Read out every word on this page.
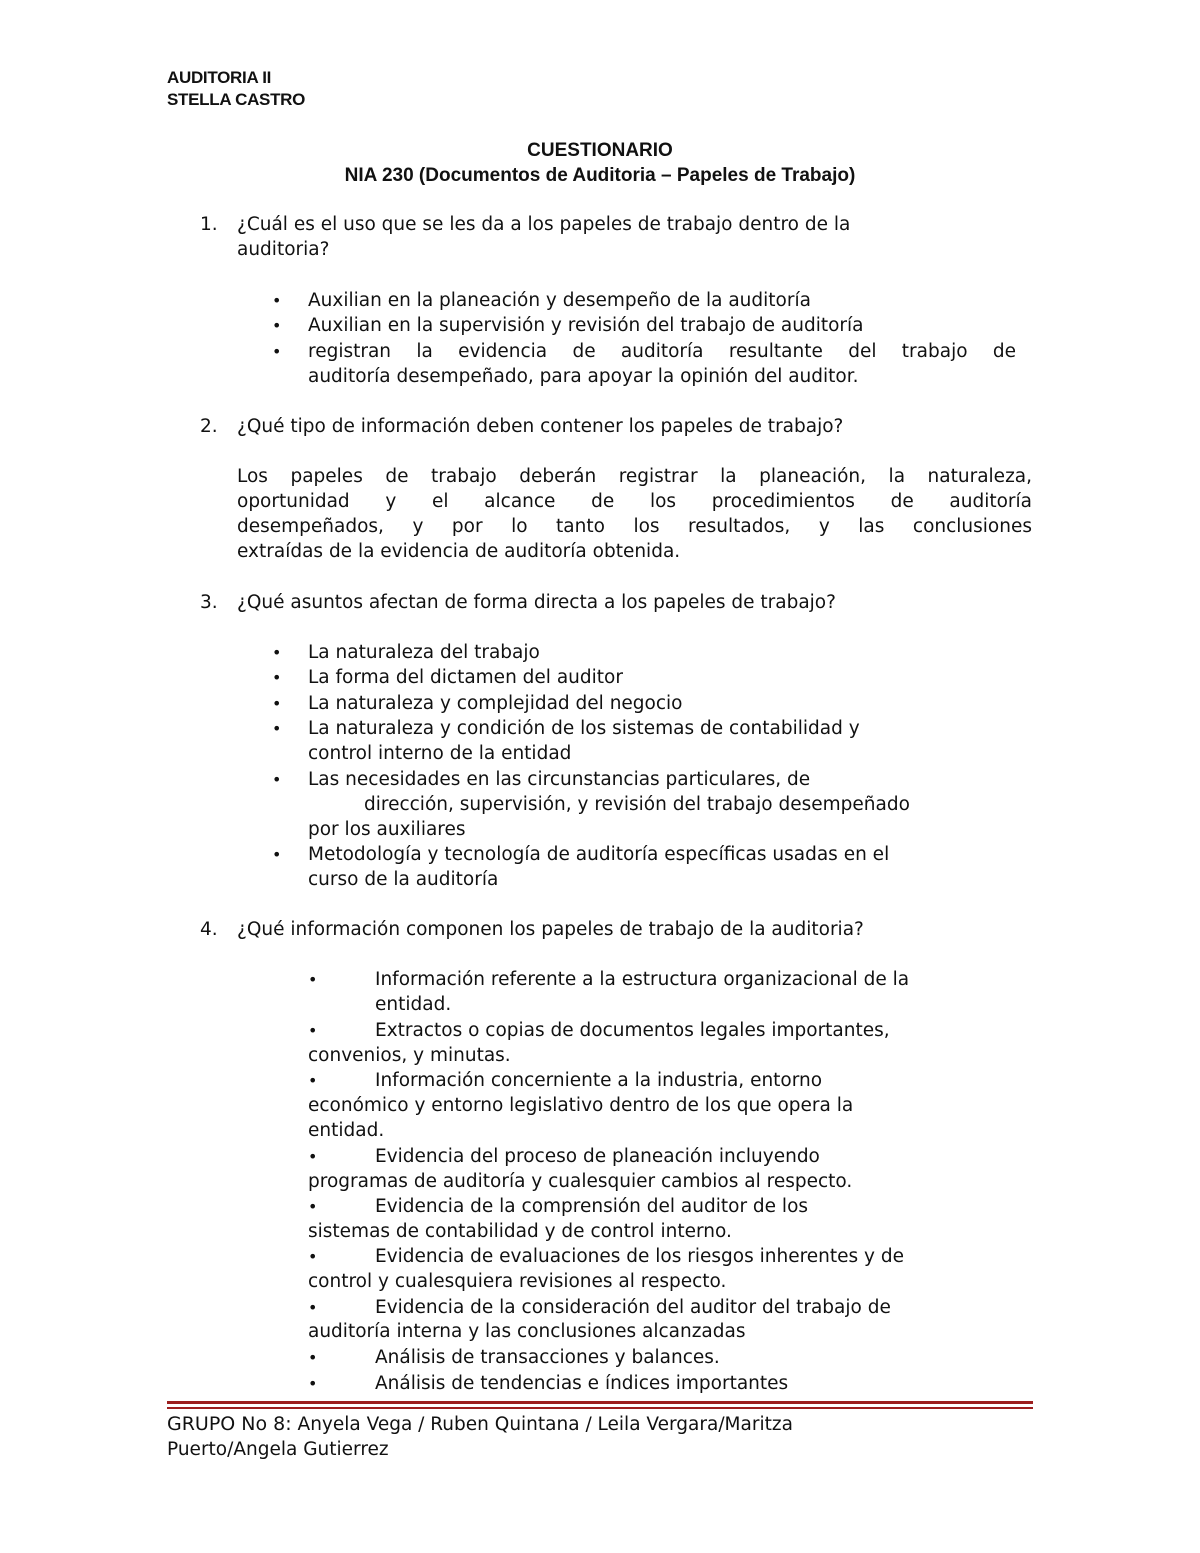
AUDITORIA II
STELLA CASTRO
CUESTIONARIO
NIA 230 (Documentos de Auditoria – Papeles de Trabajo)
1. ¿Cuál es el uso que se les da a los papeles de trabajo dentro de la
auditoria?
• Auxilian en la planeación y desempeño de la auditoría
• Auxilian en la supervisión y revisión del trabajo de auditoría
• registran la evidencia de auditoría resultante del trabajo de
auditoría desempeñado, para apoyar la opinión del auditor.
2. ¿Qué tipo de información deben contener los papeles de trabajo?
Los papeles de trabajo deberán registrar la planeación, la naturaleza,
oportunidad y el alcance de los procedimientos de auditoría
desempeñados, y por lo tanto los resultados, y las conclusiones
extraídas de la evidencia de auditoría obtenida.
3. ¿Qué asuntos afectan de forma directa a los papeles de trabajo?
• La naturaleza del trabajo
• La forma del dictamen del auditor
• La naturaleza y complejidad del negocio
• La naturaleza y condición de los sistemas de contabilidad y
control interno de la entidad
• Las necesidades en las circunstancias particulares, de
dirección, supervisión, y revisión del trabajo desempeñado
por los auxiliares
• Metodología y tecnología de auditoría específicas usadas en el
curso de la auditoría
4. ¿Qué información componen los papeles de trabajo de la auditoria?
•	Información referente a la estructura organizacional de la
entidad.
•	Extractos o copias de documentos legales importantes,
convenios, y minutas.
•	Información concerniente a la industria, entorno
económico y entorno legislativo dentro de los que opera la
entidad.
•	Evidencia del proceso de planeación incluyendo
programas de auditoría y cualesquier cambios al respecto.
•	Evidencia de la comprensión del auditor de los
sistemas de contabilidad y de control interno.
•	Evidencia de evaluaciones de los riesgos inherentes y de
control y cualesquiera revisiones al respecto.
•	Evidencia de la consideración del auditor del trabajo de
auditoría interna y las conclusiones alcanzadas
•	Análisis de transacciones y balances.
•	Análisis de tendencias e índices importantes
GRUPO No 8: Anyela Vega / Ruben Quintana / Leila Vergara/Maritza
Puerto/Angela Gutierrez
